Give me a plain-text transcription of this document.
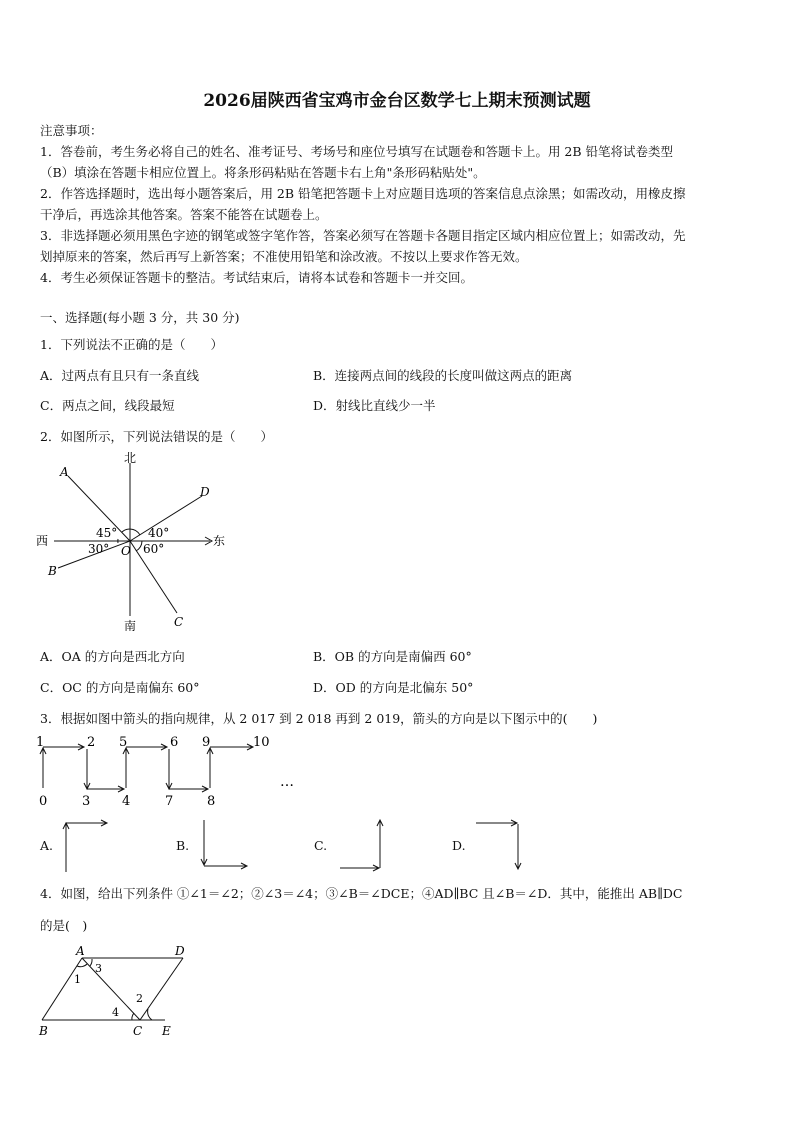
2026届陕西省宝鸡市金台区数学七上期末预测试题
注意事项：
1．答卷前，考生务必将自己的姓名、准考证号、考场号和座位号填写在试题卷和答题卡上。用 2B 铅笔将试卷类型
（B）填涂在答题卡相应位置上。将条形码粘贴在答题卡右上角"条形码粘贴处"。
2．作答选择题时，选出每小题答案后，用 2B 铅笔把答题卡上对应题目选项的答案信息点涂黑；如需改动，用橡皮擦
干净后，再选涂其他答案。答案不能答在试题卷上。
3．非选择题必须用黑色字迹的钢笔或签字笔作答，答案必须写在答题卡各题目指定区域内相应位置上；如需改动，先
划掉原来的答案，然后再写上新答案；不准使用铅笔和涂改液。不按以上要求作答无效。
4．考生必须保证答题卡的整洁。考试结束后，请将本试卷和答题卡一并交回。
一、选择题(每小题 3 分，共 30 分)
1．下列说法不正确的是（　　）
A．过两点有且只有一条直线	B．连接两点间的线段的长度叫做这两点的距离
C．两点之间，线段最短	D．射线比直线少一半
2．如图所示，下列说法错误的是（　　）
北
南
西	东
O
A
B
C
D
45°	40°
30°	60°
A．OA 的方向是西北方向	B．OB 的方向是南偏西 60°
C．OC 的方向是南偏东 60°	D．OD 的方向是北偏东 50°
3．根据如图中箭头的指向规律，从 2 017 到 2 018 再到 2 019，箭头的方向是以下图示中的(　　)
1	2 5	6 9	10
0	3 4	7	8
…
A.	B.	C.	D.
4．如图，给出下列条件 ①∠1＝∠2；②∠3＝∠4；③∠B＝∠DCE；④AD∥BC 且∠B＝∠D．其中，能推出 AB∥DC
的是(　)
A	D
B	C E
1
3
2
4
